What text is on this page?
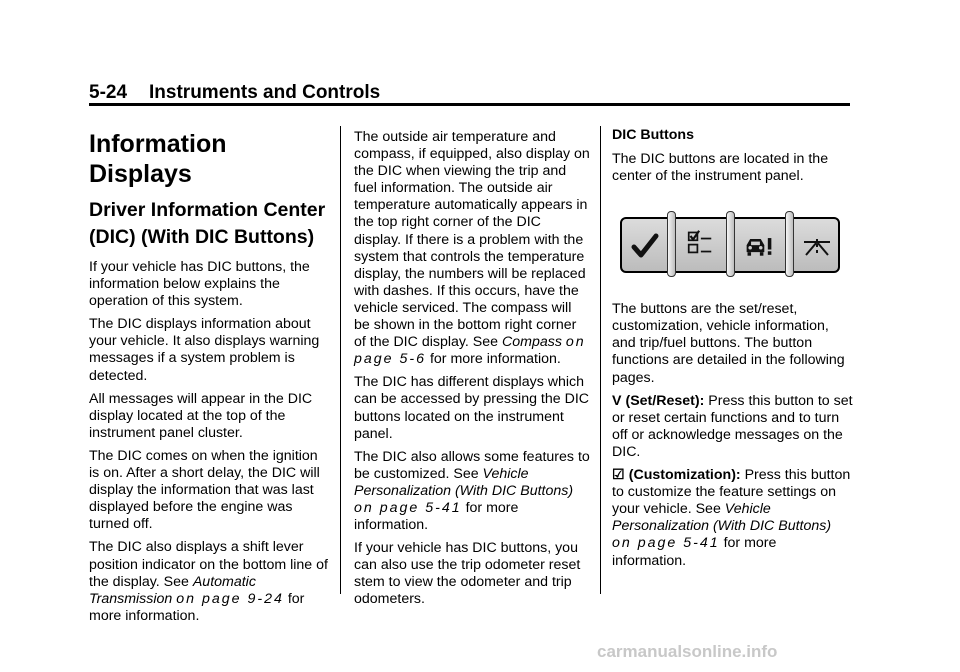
5-24 Instruments and Controls
Information Displays
Driver Information Center (DIC) (With DIC Buttons)

If your vehicle has DIC buttons, the information below explains the operation of this system.

The DIC displays information about your vehicle. It also displays warning messages if a system problem is detected.

All messages will appear in the DIC display located at the top of the instrument panel cluster.

The DIC comes on when the ignition is on. After a short delay, the DIC will display the information that was last displayed before the engine was turned off.

The DIC also displays a shift lever position indicator on the bottom line of the display. See Automatic Transmission on page 9-24 for more information.

The outside air temperature and compass, if equipped, also display on the DIC when viewing the trip and fuel information. The outside air temperature automatically appears in the top right corner of the DIC display. If there is a problem with the system that controls the temperature display, the numbers will be replaced with dashes. If this occurs, have the vehicle serviced. The compass will be shown in the bottom right corner of the DIC display. See Compass on page 5-6 for more information.

The DIC has different displays which can be accessed by pressing the DIC buttons located on the instrument panel.

The DIC also allows some features to be customized. See Vehicle Personalization (With DIC Buttons) on page 5-41 for more information.

If your vehicle has DIC buttons, you can also use the trip odometer reset stem to view the odometer and trip odometers.

DIC Buttons

The DIC buttons are located in the center of the instrument panel.

The buttons are the set/reset, customization, vehicle information, and trip/fuel buttons. The button functions are detailed in the following pages.

V (Set/Reset): Press this button to set or reset certain functions and to turn off or acknowledge messages on the DIC.

☑ (Customization): Press this button to customize the feature settings on your vehicle. See Vehicle Personalization (With DIC Buttons) on page 5-41 for more information.

carmanualsonline.info
